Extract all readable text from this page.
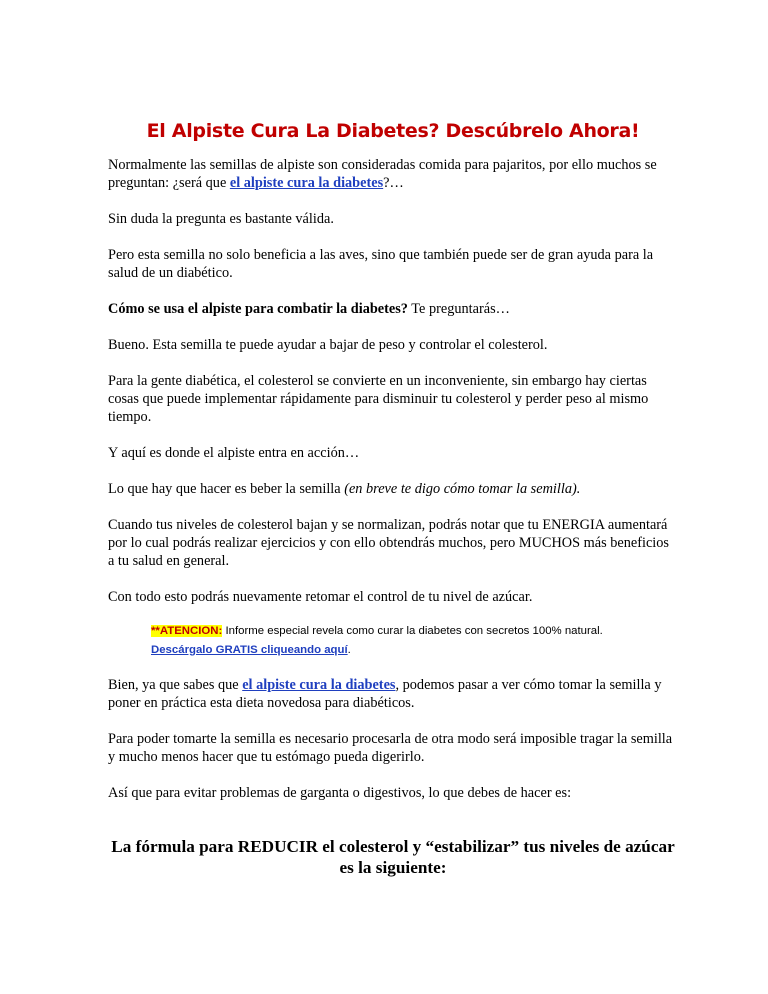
El Alpiste Cura La Diabetes? Descúbrelo Ahora!

Normalmente las semillas de alpiste son consideradas comida para pajaritos, por ello muchos se preguntan: ¿será que el alpiste cura la diabetes?…

Sin duda la pregunta es bastante válida.

Pero esta semilla no solo beneficia a las aves, sino que también puede ser de gran ayuda para la salud de un diabético.

Cómo se usa el alpiste para combatir la diabetes? Te preguntarás…

Bueno. Esta semilla te puede ayudar a bajar de peso y controlar el colesterol.

Para la gente diabética, el colesterol se convierte en un inconveniente, sin embargo hay ciertas cosas que puede implementar rápidamente para disminuir tu colesterol y perder peso al mismo tiempo.

Y aquí es donde el alpiste entra en acción…

Lo que hay que hacer es beber la semilla (en breve te digo cómo tomar la semilla).

Cuando tus niveles de colesterol bajan y se normalizan, podrás notar que tu ENERGIA aumentará por lo cual podrás realizar ejercicios y con ello obtendrás muchos, pero MUCHOS más beneficios a tu salud en general.

Con todo esto podrás nuevamente retomar el control de tu nivel de azúcar.

**ATENCION: Informe especial revela como curar la diabetes con secretos 100% natural.
Descárgalo GRATIS cliqueando aquí.

Bien, ya que sabes que el alpiste cura la diabetes, podemos pasar a ver cómo tomar la semilla y poner en práctica esta dieta novedosa para diabéticos.

Para poder tomarte la semilla es necesario procesarla de otra modo será imposible tragar la semilla y mucho menos hacer que tu estómago pueda digerirlo.

Así que para evitar problemas de garganta o digestivos, lo que debes de hacer es:

La fórmula para REDUCIR el colesterol y “estabilizar” tus niveles de azúcar es la siguiente:
